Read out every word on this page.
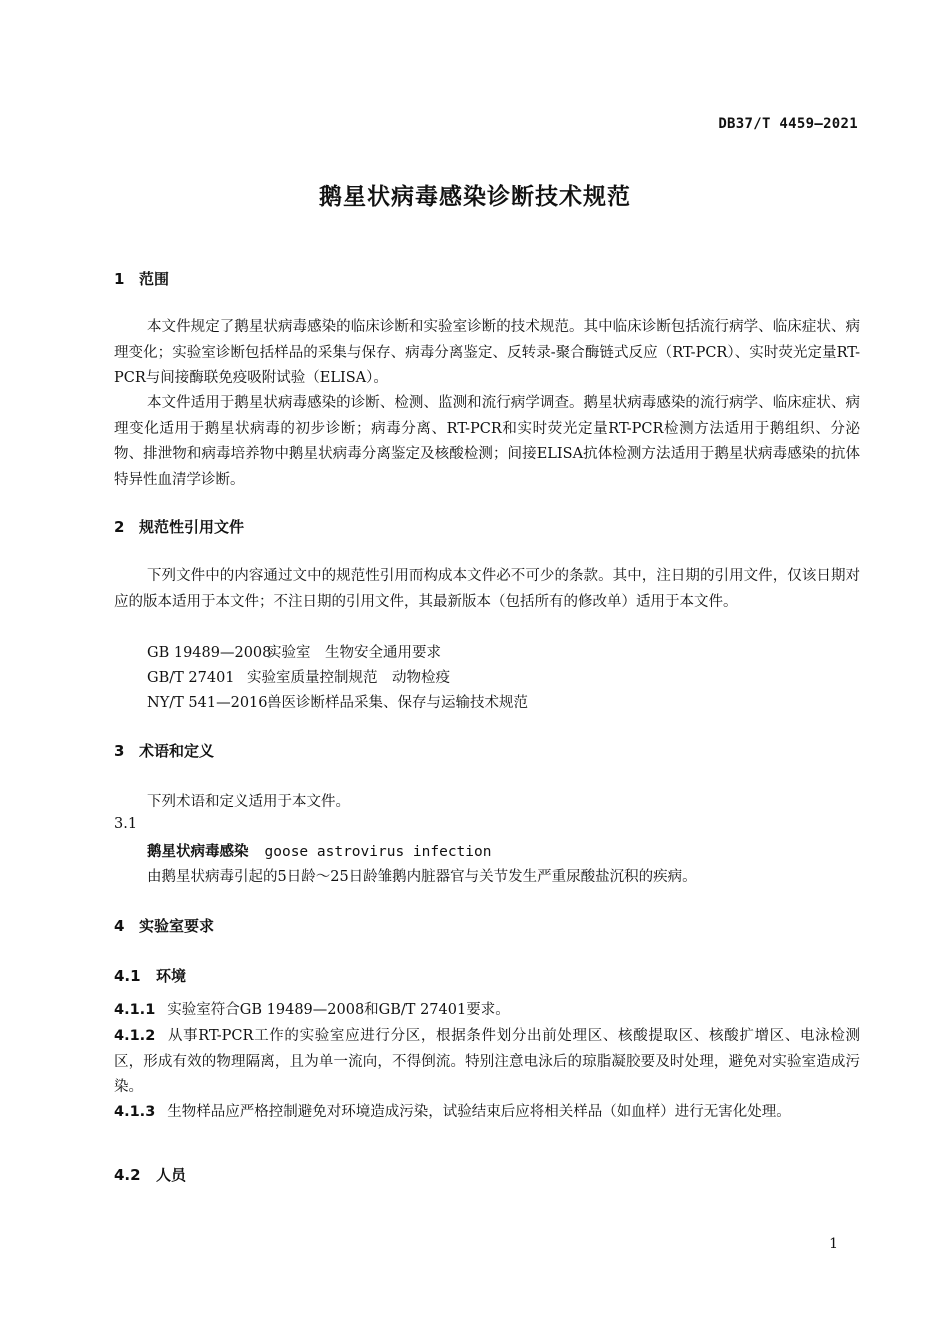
DB37/T 4459—2021
鹅星状病毒感染诊断技术规范
1 范围
本文件规定了鹅星状病毒感染的临床诊断和实验室诊断的技术规范。其中临床诊断包括流行病学、临床症状、病理变化；实验室诊断包括样品的采集与保存、病毒分离鉴定、反转录-聚合酶链式反应（RT-PCR）、实时荧光定量RT-PCR与间接酶联免疫吸附试验（ELISA）。
本文件适用于鹅星状病毒感染的诊断、检测、监测和流行病学调查。鹅星状病毒感染的流行病学、临床症状、病理变化适用于鹅星状病毒的初步诊断；病毒分离、RT-PCR和实时荧光定量RT-PCR检测方法适用于鹅组织、分泌物、排泄物和病毒培养物中鹅星状病毒分离鉴定及核酸检测；间接ELISA抗体检测方法适用于鹅星状病毒感染的抗体特异性血清学诊断。
2 规范性引用文件
下列文件中的内容通过文中的规范性引用而构成本文件必不可少的条款。其中，注日期的引用文件，仅该日期对应的版本适用于本文件；不注日期的引用文件，其最新版本（包括所有的修改单）适用于本文件。
GB 19489—2008实验室　生物安全通用要求
GB/T 27401 实验室质量控制规范　动物检疫
NY/T 541—2016兽医诊断样品采集、保存与运输技术规范
3 术语和定义
下列术语和定义适用于本文件。
3.1
鹅星状病毒感染 goose astrovirus infection
由鹅星状病毒引起的5日龄～25日龄雏鹅内脏器官与关节发生严重尿酸盐沉积的疾病。
4 实验室要求
4.1 环境
4.1.1 实验室符合GB 19489—2008和GB/T 27401要求。
4.1.2 从事RT-PCR工作的实验室应进行分区，根据条件划分出前处理区、核酸提取区、核酸扩增区、电泳检测区，形成有效的物理隔离，且为单一流向，不得倒流。特别注意电泳后的琼脂凝胶要及时处理，避免对实验室造成污染。
4.1.3 生物样品应严格控制避免对环境造成污染，试验结束后应将相关样品（如血样）进行无害化处理。
4.2 人员
1
